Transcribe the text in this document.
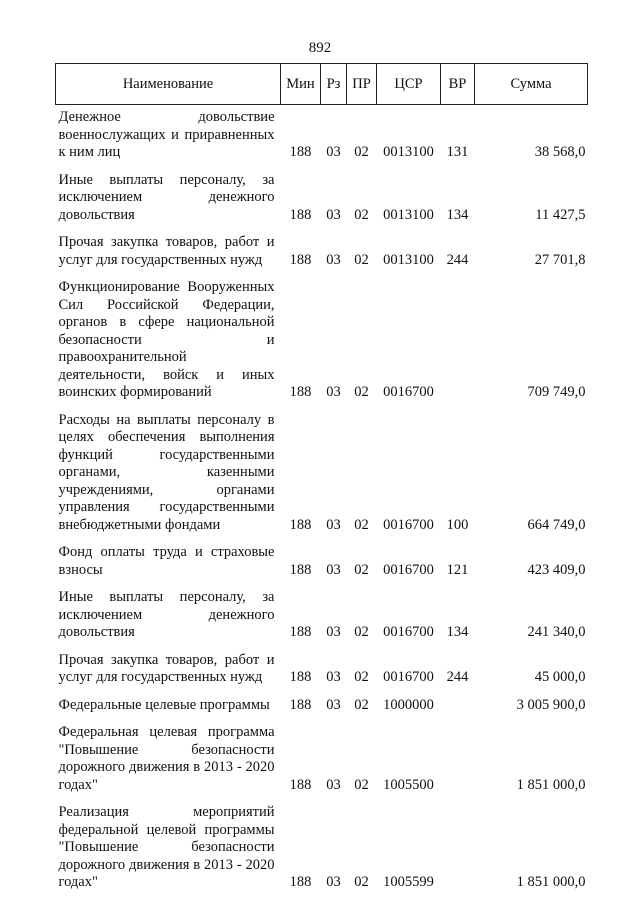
892
Наименование	Мин	Рз	ПР	ЦСР	ВР	Сумма
Денежное довольствие военнослужащих и приравненных к ним лиц	188	03	02	0013100	131	38 568,0
Иные выплаты персоналу, за исключением денежного довольствия	188	03	02	0013100	134	11 427,5
Прочая закупка товаров, работ и услуг для государственных нужд	188	03	02	0013100	244	27 701,8
Функционирование Вооруженных Сил Российской Федерации, органов в сфере национальной безопасности и правоохранительной деятельности, войск и иных воинских формирований	188	03	02	0016700		709 749,0
Расходы на выплаты персоналу в целях обеспечения выполнения функций государственными органами, казенными учреждениями, органами управления государственными внебюджетными фондами	188	03	02	0016700	100	664 749,0
Фонд оплаты труда и страховые взносы	188	03	02	0016700	121	423 409,0
Иные выплаты персоналу, за исключением денежного довольствия	188	03	02	0016700	134	241 340,0
Прочая закупка товаров, работ и услуг для государственных нужд	188	03	02	0016700	244	45 000,0
Федеральные целевые программы	188	03	02	1000000		3 005 900,0
Федеральная целевая программа "Повышение безопасности дорожного движения в 2013 - 2020 годах"	188	03	02	1005500		1 851 000,0
Реализация мероприятий федеральной целевой программы "Повышение безопасности дорожного движения в 2013 - 2020 годах"	188	03	02	1005599		1 851 000,0
